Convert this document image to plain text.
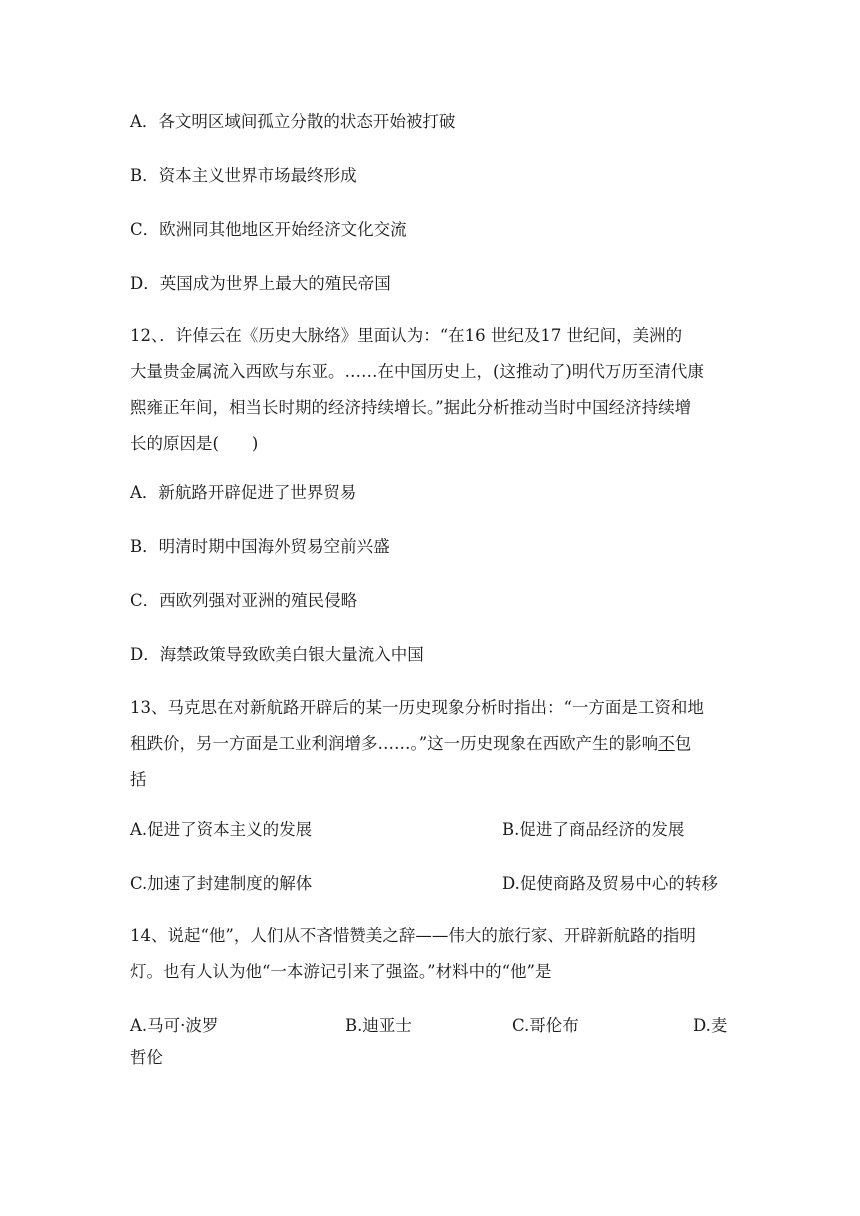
A．各文明区域间孤立分散的状态开始被打破
B．资本主义世界市场最终形成
C．欧洲同其他地区开始经济文化交流
D．英国成为世界上最大的殖民帝国
12、．许倬云在《历史大脉络》里面认为：“在16 世纪及17 世纪间，美洲的
大量贵金属流入西欧与东亚。……在中国历史上，(这推动了)明代万历至清代康
熙雍正年间，相当长时期的经济持续增长。”据此分析推动当时中国经济持续增
长的原因是(　　)
A．新航路开辟促进了世界贸易
B．明清时期中国海外贸易空前兴盛
C．西欧列强对亚洲的殖民侵略
D．海禁政策导致欧美白银大量流入中国
13、马克思在对新航路开辟后的某一历史现象分析时指出：“一方面是工资和地
租跌价，另一方面是工业利润增多……。”这一历史现象在西欧产生的影响不包
括
A.促进了资本主义的发展	B.促进了商品经济的发展
C.加速了封建制度的解体	D.促使商路及贸易中心的转移
14、说起“他”，人们从不吝惜赞美之辞——伟大的旅行家、开辟新航路的指明
灯。也有人认为他“一本游记引来了强盗。”材料中的“他”是
A.马可·波罗	B.迪亚士	C.哥伦布	D.麦
哲伦
